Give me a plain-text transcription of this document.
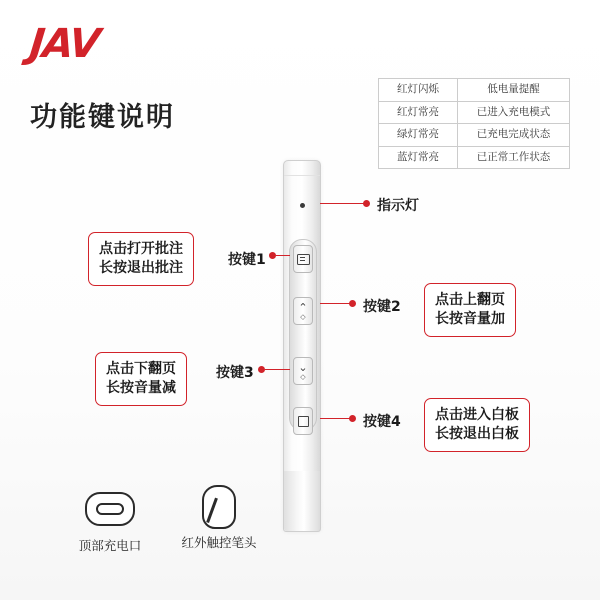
JAV
功能键说明
红灯闪烁	低电量提醒
红灯常亮	已进入充电模式
绿灯常亮	已充电完成状态
蓝灯常亮	已正常工作状态
⌃
◇
⌄
◇
指示灯
点击打开批注
长按退出批注	按键1
按键2 点击上翻页
长按音量加
点击下翻页
长按音量减
按键3
按键4 点击进入白板
长按退出白板
顶部充电口	红外触控笔头
